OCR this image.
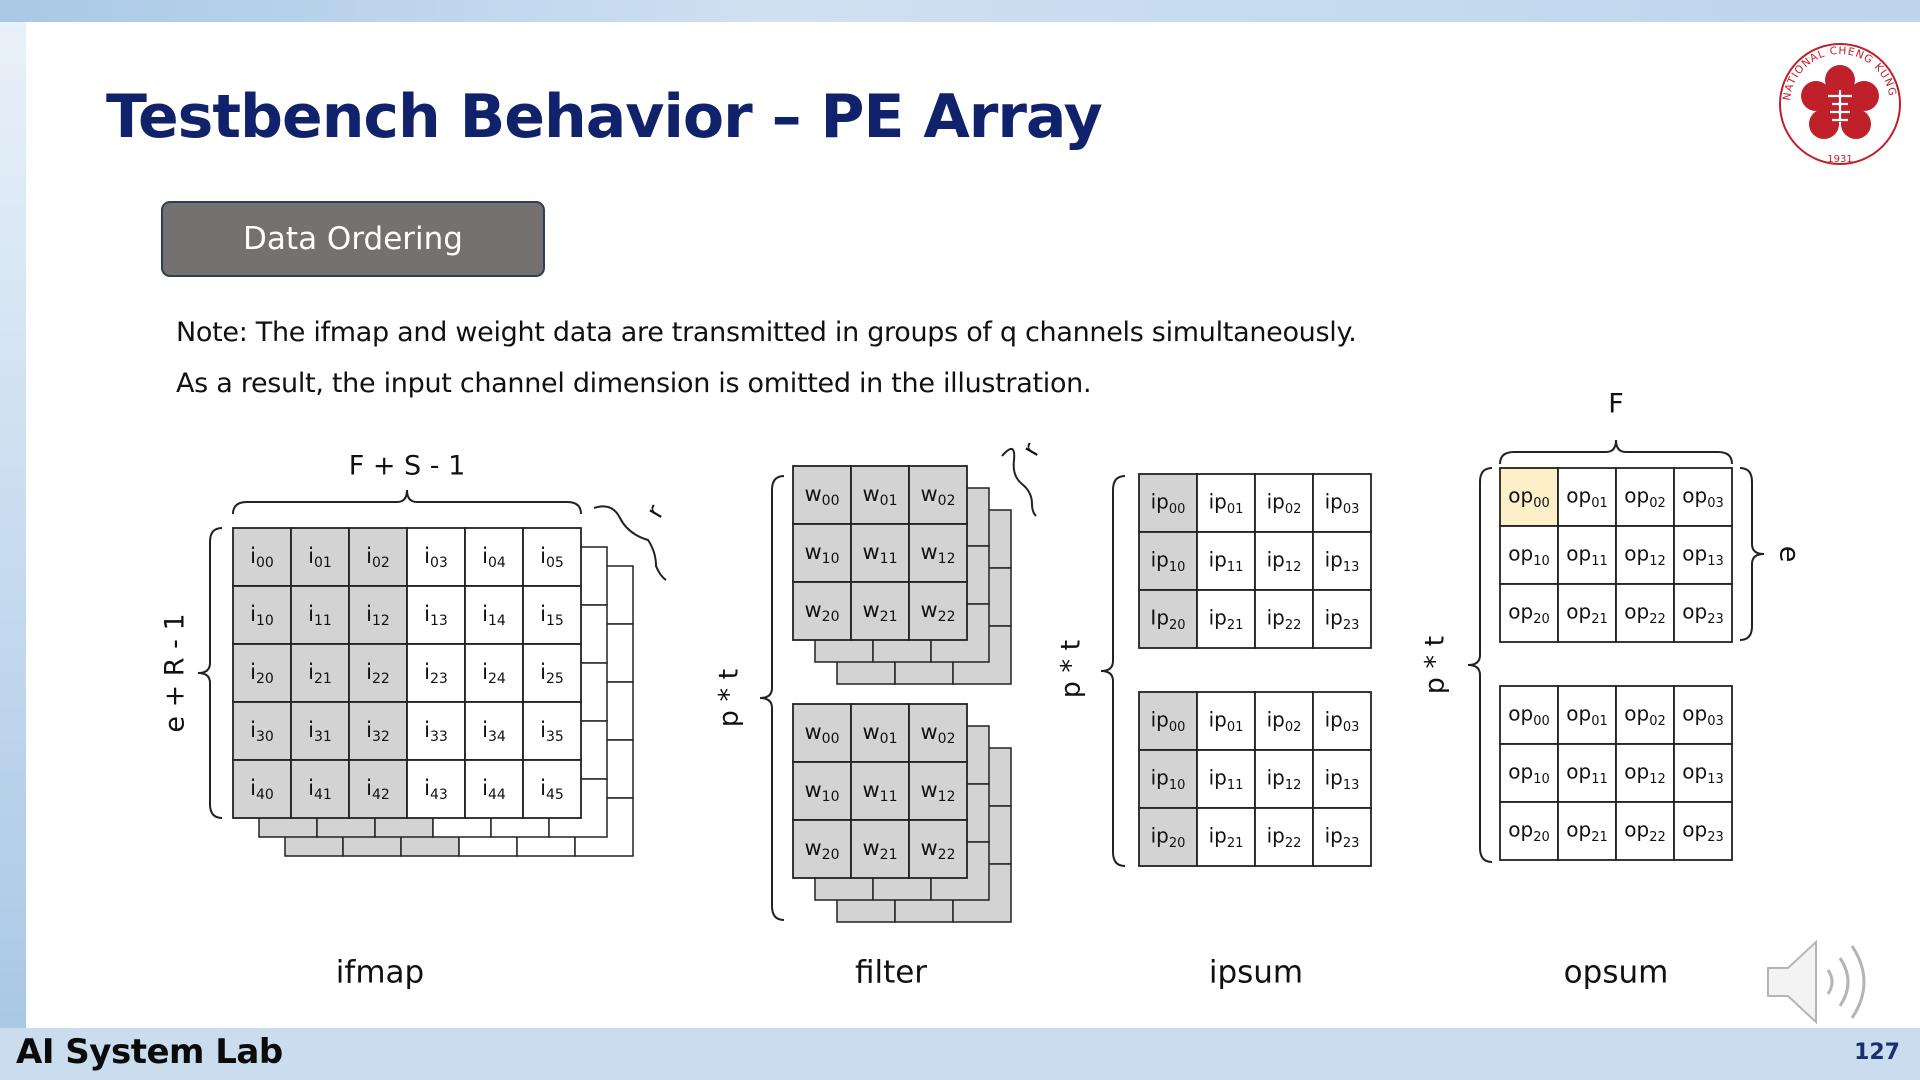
Testbench Behavior – PE Array	NATIONAL CHENG KUNG
1931
Data Ordering
Note: The ifmap and weight data are transmitted in groups of q channels simultaneously.
As a result, the input channel dimension is omitted in the illustration.
$i_{00}$ $i_{01}$ $i_{02}$ $i_{03}$ $i_{04}$ $i_{05}$
$i_{10}$ $i_{11}$ $i_{12}$ $i_{13}$ $i_{14}$ $i_{15}$
$i_{20}$ $i_{21}$ $i_{22}$ $i_{23}$ $i_{24}$ $i_{25}$
$i_{30}$ $i_{31}$ $i_{32}$ $i_{33}$ $i_{34}$ $i_{35}$
$i_{40}$ $i_{41}$ $i_{42}$ $i_{43}$ $i_{44}$ $i_{45}$
F + S - 1
e + R - 1
r
ifmap
$w_{00}$ $w_{01}$ $w_{02}$
$w_{10}$ $w_{11}$ $w_{12}$
$w_{20}$ $w_{21}$ $w_{22}$
$w_{00}$ $w_{01}$ $w_{02}$
$w_{10}$ $w_{11}$ $w_{12}$
$w_{20}$ $w_{21}$ $w_{22}$
p * t
r
filter
$ip_{00}$ $ip_{01}$ $ip_{02}$ $ip_{03}$
$ip_{10}$ $ip_{11}$ $ip_{12}$ $ip_{13}$
$Ip_{20}$ $ip_{21}$ $ip_{22}$ $ip_{23}$
$ip_{00}$ $ip_{01}$ $ip_{02}$ $ip_{03}$
$ip_{10}$ $ip_{11}$ $ip_{12}$ $ip_{13}$
$ip_{20}$ $ip_{21}$ $ip_{22}$ $ip_{23}$
p * t
ipsum
$op_{00}$ $op_{01}$ $op_{02}$ $op_{03}$
$op_{10}$ $op_{11}$ $op_{12}$ $op_{13}$
$op_{20}$ $op_{21}$ $op_{22}$ $op_{23}$
$op_{00}$ $op_{01}$ $op_{02}$ $op_{03}$
$op_{10}$ $op_{11}$ $op_{12}$ $op_{13}$
$op_{20}$ $op_{21}$ $op_{22}$ $op_{23}$
F
p * t
e
opsum
AI System Lab	127
